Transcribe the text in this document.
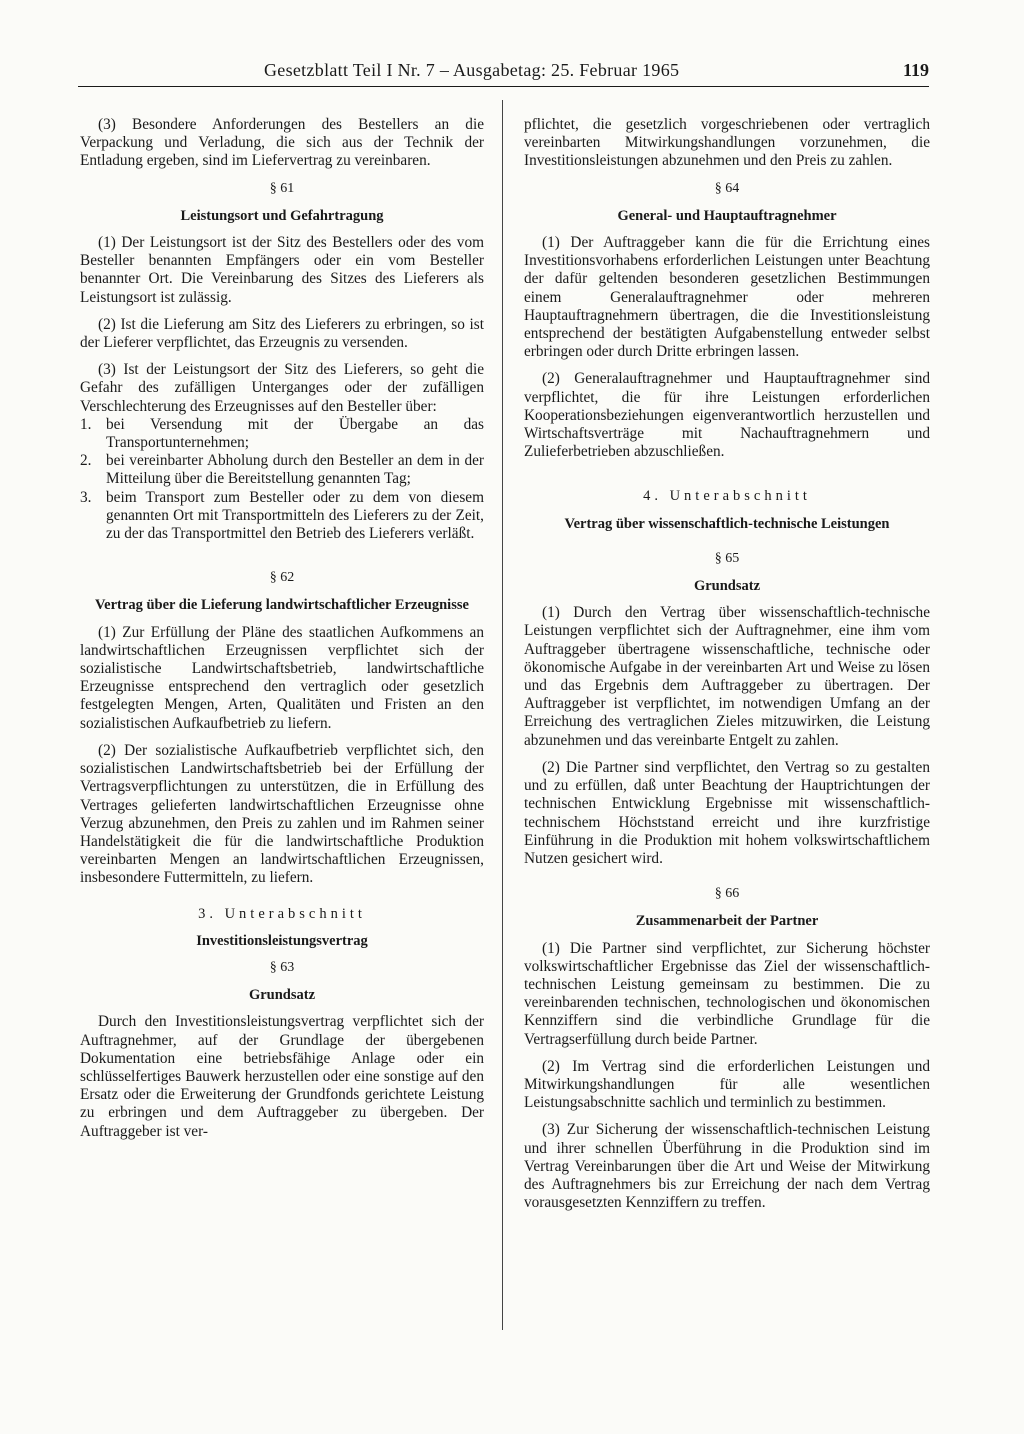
Gesetzblatt Teil I Nr. 7 – Ausgabetag: 25. Februar 1965	119

(3) Besondere Anforderungen des Bestellers an die Verpackung und Verladung, die sich aus der Technik der Entladung ergeben, sind im Liefervertrag zu vereinbaren.

§ 61

Leistungsort und Gefahrtragung

(1) Der Leistungsort ist der Sitz des Bestellers oder des vom Besteller benannten Empfängers oder ein vom Besteller benannter Ort. Die Vereinbarung des Sitzes des Lieferers als Leistungsort ist zulässig.

(2) Ist die Lieferung am Sitz des Lieferers zu erbringen, so ist der Lieferer verpflichtet, das Erzeugnis zu versenden.

(3) Ist der Leistungsort der Sitz des Lieferers, so geht die Gefahr des zufälligen Unterganges oder der zufälligen Verschlechterung des Erzeugnisses auf den Besteller über:

1. bei Versendung mit der Übergabe an das Transportunternehmen;
2. bei vereinbarter Abholung durch den Besteller an dem in der Mitteilung über die Bereitstellung genannten Tag;
3. beim Transport zum Besteller oder zu dem von diesem genannten Ort mit Transportmitteln des Lieferers zu der Zeit, zu der das Transportmittel den Betrieb des Lieferers verläßt.

§ 62

Vertrag über die Lieferung landwirtschaftlicher Erzeugnisse

(1) Zur Erfüllung der Pläne des staatlichen Aufkommens an landwirtschaftlichen Erzeugnissen verpflichtet sich der sozialistische Landwirtschaftsbetrieb, landwirtschaftliche Erzeugnisse entsprechend den vertraglich oder gesetzlich festgelegten Mengen, Arten, Qualitäten und Fristen an den sozialistischen Aufkaufbetrieb zu liefern.

(2) Der sozialistische Aufkaufbetrieb verpflichtet sich, den sozialistischen Landwirtschaftsbetrieb bei der Erfüllung der Vertragsverpflichtungen zu unterstützen, die in Erfüllung des Vertrages gelieferten landwirtschaftlichen Erzeugnisse ohne Verzug abzunehmen, den Preis zu zahlen und im Rahmen seiner Handelstätigkeit die für die landwirtschaftliche Produktion vereinbarten Mengen an landwirtschaftlichen Erzeugnissen, insbesondere Futtermitteln, zu liefern.

3. Unterabschnitt

Investitionsleistungsvertrag

§ 63

Grundsatz

Durch den Investitionsleistungsvertrag verpflichtet sich der Auftragnehmer, auf der Grundlage der übergebenen Dokumentation eine betriebsfähige Anlage oder ein schlüsselfertiges Bauwerk herzustellen oder eine sonstige auf den Ersatz oder die Erweiterung der Grundfonds gerichtete Leistung zu erbringen und dem Auftraggeber zu übergeben. Der Auftraggeber ist ver-

pflichtet, die gesetzlich vorgeschriebenen oder vertraglich vereinbarten Mitwirkungshandlungen vorzunehmen, die Investitionsleistungen abzunehmen und den Preis zu zahlen.

§ 64

General- und Hauptauftragnehmer

(1) Der Auftraggeber kann die für die Errichtung eines Investitionsvorhabens erforderlichen Leistungen unter Beachtung der dafür geltenden besonderen gesetzlichen Bestimmungen einem Generalauftragnehmer oder mehreren Hauptauftragnehmern übertragen, die die Investitionsleistung entsprechend der bestätigten Aufgabenstellung entweder selbst erbringen oder durch Dritte erbringen lassen.

(2) Generalauftragnehmer und Hauptauftragnehmer sind verpflichtet, die für ihre Leistungen erforderlichen Kooperationsbeziehungen eigenverantwortlich herzustellen und Wirtschaftsverträge mit Nachauftragnehmern und Zulieferbetrieben abzuschließen.

4. Unterabschnitt

Vertrag über wissenschaftlich-technische Leistungen

§ 65

Grundsatz

(1) Durch den Vertrag über wissenschaftlich-technische Leistungen verpflichtet sich der Auftragnehmer, eine ihm vom Auftraggeber übertragene wissenschaftliche, technische oder ökonomische Aufgabe in der vereinbarten Art und Weise zu lösen und das Ergebnis dem Auftraggeber zu übertragen. Der Auftraggeber ist verpflichtet, im notwendigen Umfang an der Erreichung des vertraglichen Zieles mitzuwirken, die Leistung abzunehmen und das vereinbarte Entgelt zu zahlen.

(2) Die Partner sind verpflichtet, den Vertrag so zu gestalten und zu erfüllen, daß unter Beachtung der Hauptrichtungen der technischen Entwicklung Ergebnisse mit wissenschaftlich-technischem Höchststand erreicht und ihre kurzfristige Einführung in die Produktion mit hohem volkswirtschaftlichem Nutzen gesichert wird.

§ 66

Zusammenarbeit der Partner

(1) Die Partner sind verpflichtet, zur Sicherung höchster volkswirtschaftlicher Ergebnisse das Ziel der wissenschaftlich-technischen Leistung gemeinsam zu bestimmen. Die zu vereinbarenden technischen, technologischen und ökonomischen Kennziffern sind die verbindliche Grundlage für die Vertragserfüllung durch beide Partner.

(2) Im Vertrag sind die erforderlichen Leistungen und Mitwirkungshandlungen für alle wesentlichen Leistungsabschnitte sachlich und terminlich zu bestimmen.

(3) Zur Sicherung der wissenschaftlich-technischen Leistung und ihrer schnellen Überführung in die Produktion sind im Vertrag Vereinbarungen über die Art und Weise der Mitwirkung des Auftragnehmers bis zur Erreichung der nach dem Vertrag vorausgesetzten Kennziffern zu treffen.
